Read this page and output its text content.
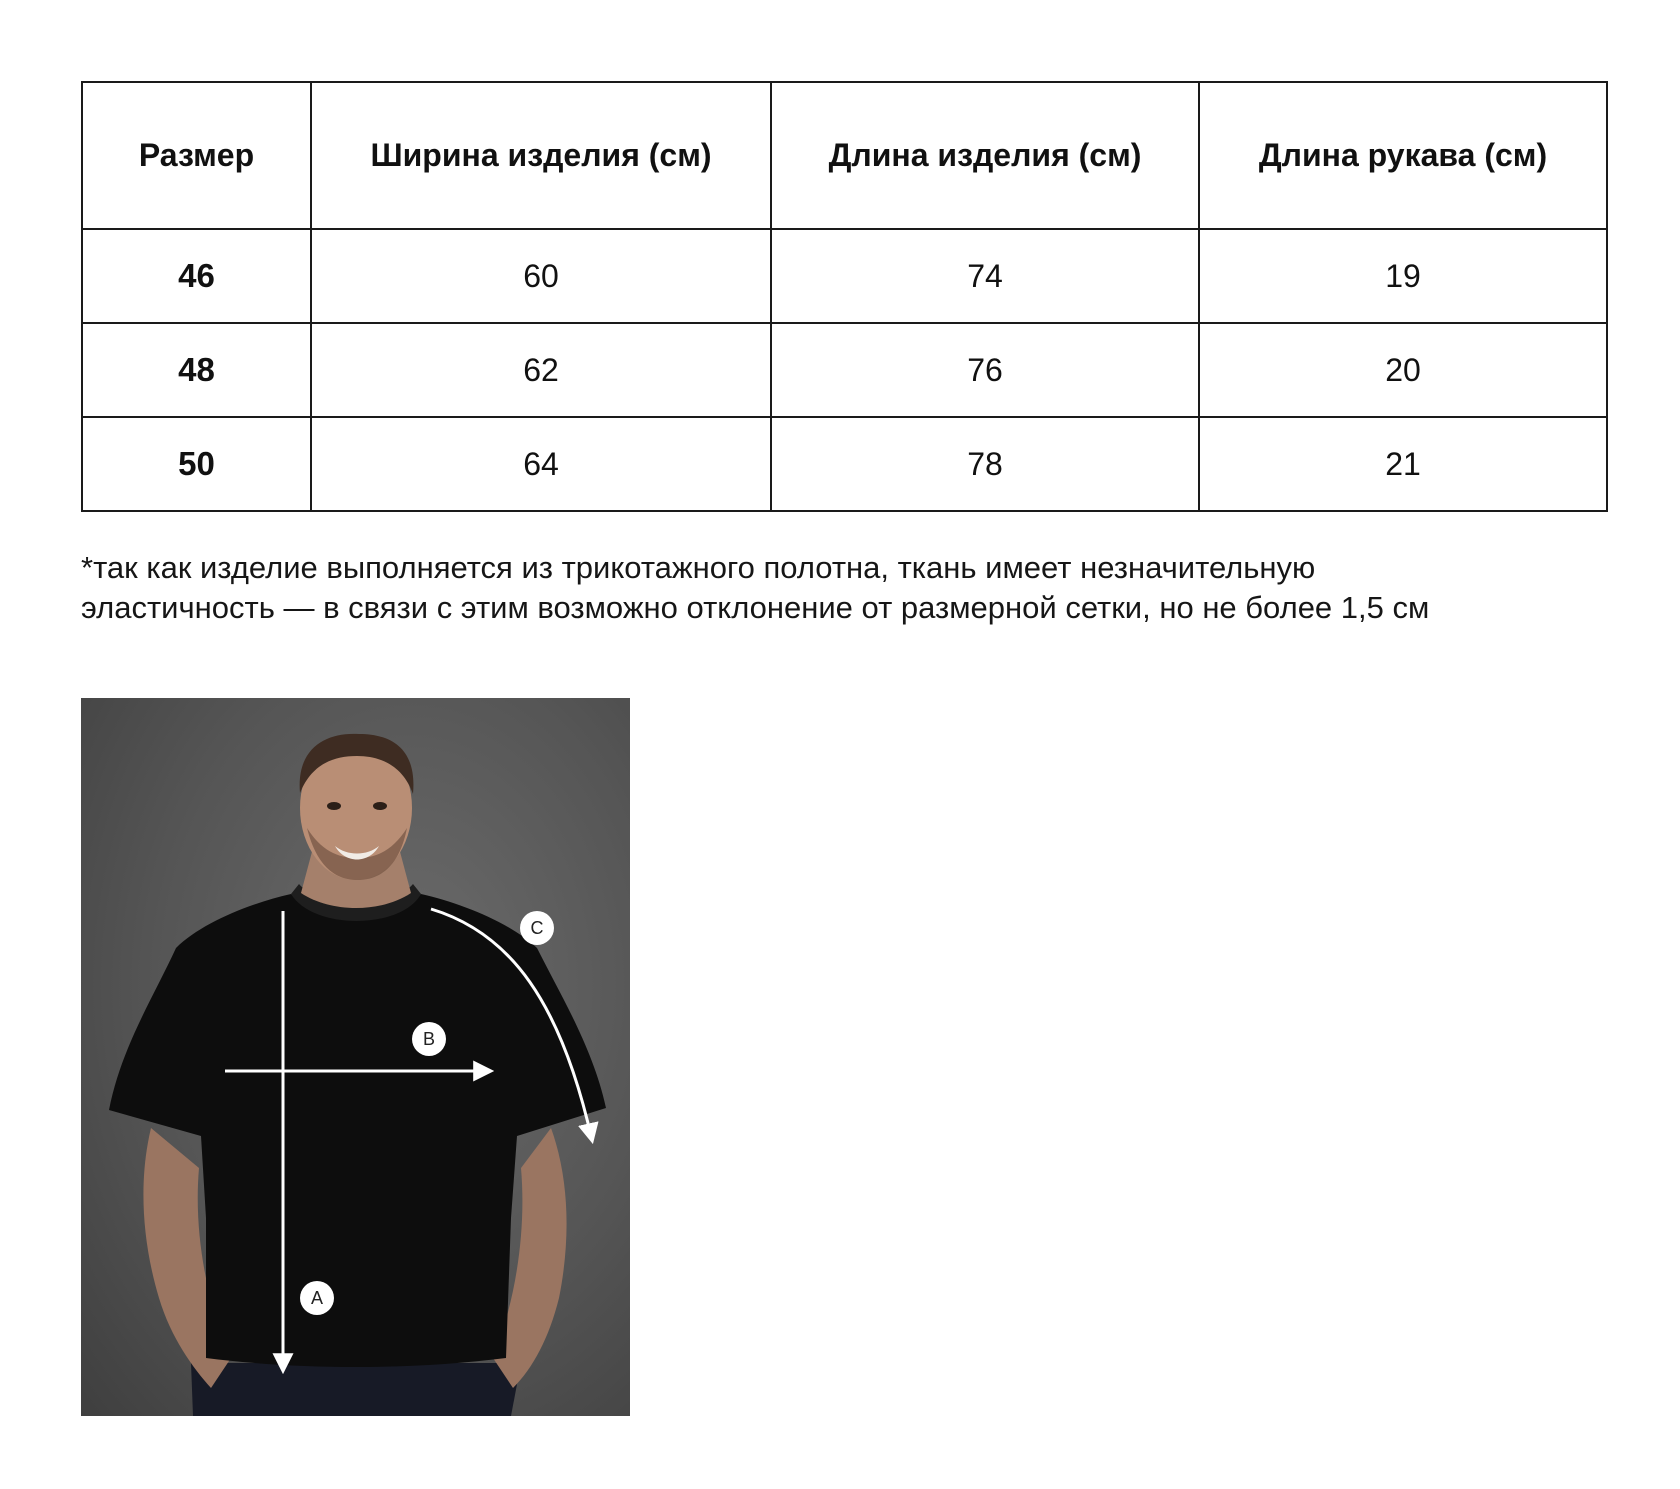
Размер	Ширина изделия (см)	Длина изделия (см)	Длина рукава (см)
46	60	74	19
48	62	76	20
50	64	78	21

*так как изделие выполняется из трикотажного полотна, ткань имеет незначительную

эластичность — в связи с этим возможно отклонение от размерной сетки, но не более 1,5 см

A
B
C
